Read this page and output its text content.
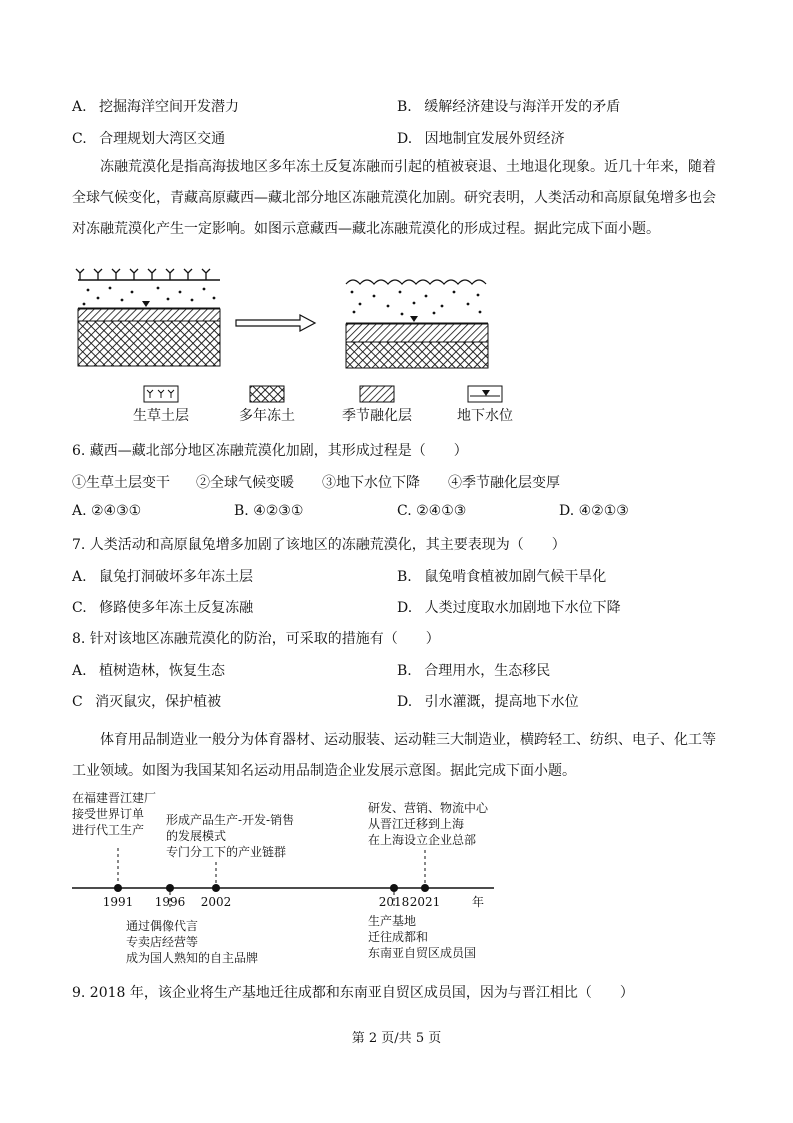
A. 挖掘海洋空间开发潜力	B. 缓解经济建设与海洋开发的矛盾
C. 合理规划大湾区交通	D. 因地制宜发展外贸经济
冻融荒漠化是指高海拔地区多年冻土反复冻融而引起的植被衰退、土地退化现象。近几十年来，随着
全球气候变化，青藏高原藏西—藏北部分地区冻融荒漠化加剧。研究表明，人类活动和高原鼠兔增多也会
对冻融荒漠化产生一定影响。如图示意藏西—藏北冻融荒漠化的形成过程。据此完成下面小题。
生草土层	多年冻土	季节融化层	地下水位
6. 藏西—藏北部分地区冻融荒漠化加剧，其形成过程是（　　）
①生草土层变干 ②全球气候变暖 ③地下水位下降 ④季节融化层变厚
A. ②④③①	B. ④②③①	C. ②④①③	D. ④②①③
7. 人类活动和高原鼠兔增多加剧了该地区的冻融荒漠化，其主要表现为（　　）
A. 鼠兔打洞破坏多年冻土层	B. 鼠兔啃食植被加剧气候干旱化
C. 修路使多年冻土反复冻融	D. 人类过度取水加剧地下水位下降
8. 针对该地区冻融荒漠化的防治，可采取的措施有（　　）
A. 植树造林，恢复生态	B. 合理用水，生态移民
C 消灭鼠灾，保护植被	D. 引水灌溉，提高地下水位
体育用品制造业一般分为体育器材、运动服装、运动鞋三大制造业，横跨轻工、纺织、电子、化工等
工业领域。如图为我国某知名运动用品制造企业发展示意图。据此完成下面小题。
在福建晋江建厂
接受世界订单
进行代工生产
形成产品生产-开发-销售
的发展模式
专门分工下的产业链群
研发、营销、物流中心
从晋江迁移到上海
在上海设立企业总部
1991 1996 2002	2018 2021	年
通过偶像代言
专卖店经营等
成为国人熟知的自主品牌
生产基地
迁往成都和
东南亚自贸区成员国
9. 2018 年，该企业将生产基地迁往成都和东南亚自贸区成员国，因为与晋江相比（　　）
第 2 页/共 5 页
